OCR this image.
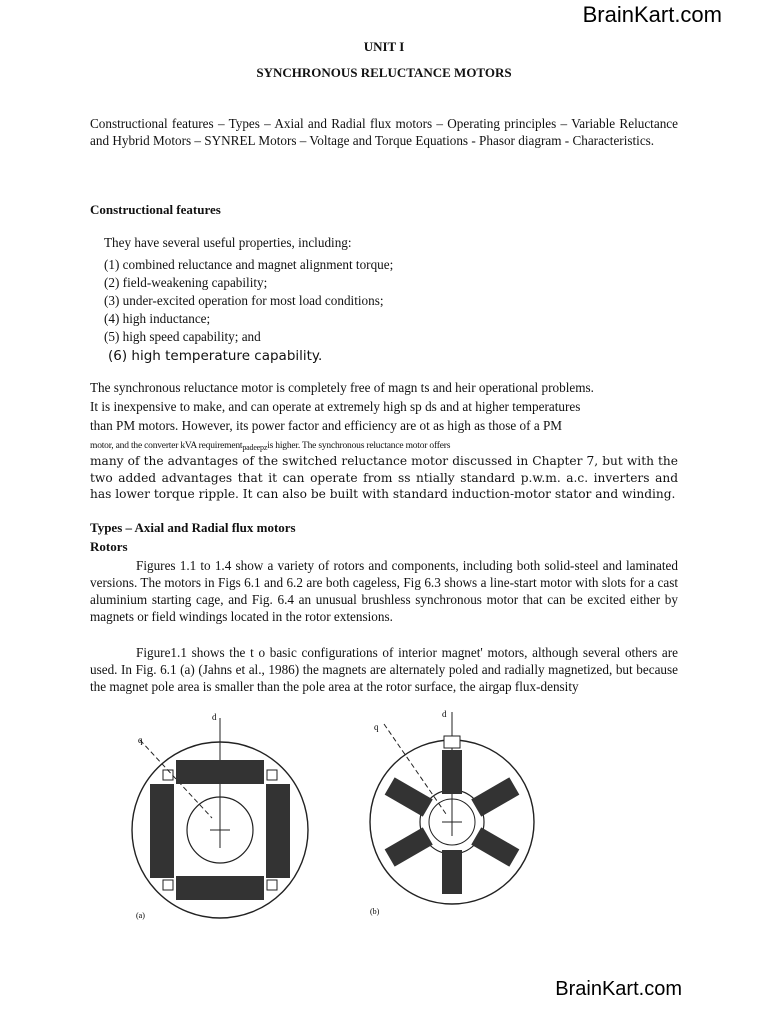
BrainKart.com
UNIT I
SYNCHRONOUS RELUCTANCE MOTORS

Constructional features – Types – Axial and Radial flux motors – Operating principles – Variable Reluctance and Hybrid Motors – SYNREL Motors – Voltage and Torque Equations - Phasor diagram - Characteristics.

Constructional features
They have several useful properties, including:
(1) combined reluctance and magnet alignment torque;
(2) field-weakening capability;
(3) under-excited operation for most load conditions;
(4) high inductance;
(5) high speed capability; and
(6) high temperature capability.
The synchronous reluctance motor is completely free of magn ts and heir operational problems.
It is inexpensive to make, and can operate at extremely high sp ds and at higher temperatures
than PM motors. However, its power factor and efficiency are ot as high as those of a PM
motor, and the converter kVA requirement$_{padeepz}$is higher. The synchronous reluctance motor offers

many of the advantages of the switched reluctance motor discussed in Chapter 7, but with the two added advantages that it can operate from ss ntially standard p.w.m. a.c. inverters and has lower torque ripple. It can also be built with standard induction-motor stator and winding.

Types – Axial and Radial flux motors
Rotors

Figures 1.1 to 1.4 show a variety of rotors and components, including both solid-steel and laminated versions. The motors in Figs 6.1 and 6.2 are both cageless, Fig 6.3 shows a line-start motor with slots for a cast aluminium starting cage, and Fig. 6.4 an unusual brushless synchronous motor that can be excited either by magnets or field windings located in the rotor extensions.

Figure1.1 shows the t o basic configurations of interior magnet' motors, although several others are used. In Fig. 6.1 (a) (Jahns et al., 1986) the magnets are alternately poled and radially magnetized, but because the magnet pole area is smaller than the pole area at the rotor surface, the airgap flux-density

d
q
(a)
d
q
(b)
BrainKart.com
